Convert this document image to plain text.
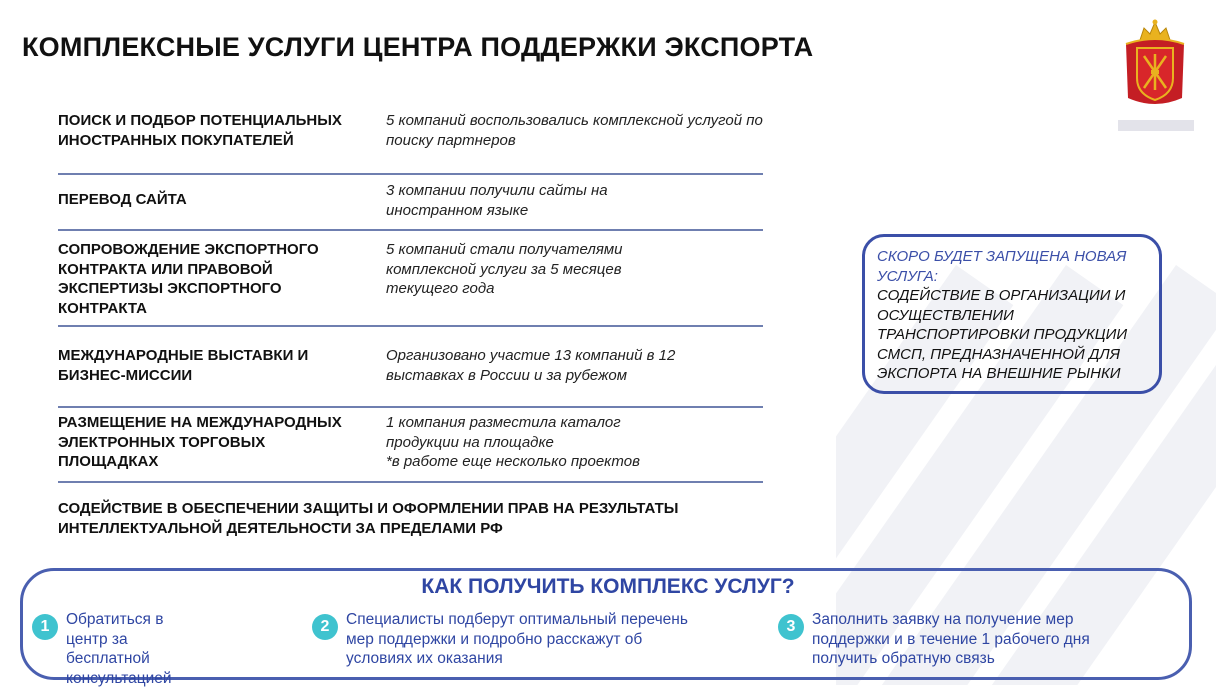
КОМПЛЕКСНЫЕ УСЛУГИ ЦЕНТРА ПОДДЕРЖКИ ЭКСПОРТА
ПОИСК И ПОДБОР ПОТЕНЦИАЛЬНЫХ ИНОСТРАННЫХ ПОКУПАТЕЛЕЙ
5 компаний воспользовались комплексной услугой по поиску партнеров
ПЕРЕВОД САЙТА
3 компании получили сайты на иностранном языке
СОПРОВОЖДЕНИЕ ЭКСПОРТНОГО КОНТРАКТА ИЛИ ПРАВОВОЙ ЭКСПЕРТИЗЫ ЭКСПОРТНОГО КОНТРАКТА
5 компаний стали получателями комплексной услуги за 5 месяцев текущего года
МЕЖДУНАРОДНЫЕ ВЫСТАВКИ И БИЗНЕС-МИССИИ
Организовано участие 13 компаний в 12 выставках в России и за рубежом
РАЗМЕЩЕНИЕ НА МЕЖДУНАРОДНЫХ ЭЛЕКТРОННЫХ ТОРГОВЫХ ПЛОЩАДКАХ
1 компания разместила каталог продукции на площадке
*в работе еще несколько проектов
СОДЕЙСТВИЕ В ОБЕСПЕЧЕНИИ ЗАЩИТЫ И ОФОРМЛЕНИИ ПРАВ НА РЕЗУЛЬТАТЫ ИНТЕЛЛЕКТУАЛЬНОЙ ДЕЯТЕЛЬНОСТИ ЗА ПРЕДЕЛАМИ РФ
СКОРО БУДЕТ ЗАПУЩЕНА НОВАЯ УСЛУГА:
СОДЕЙСТВИЕ В ОРГАНИЗАЦИИ И ОСУЩЕСТВЛЕНИИ ТРАНСПОРТИРОВКИ ПРОДУКЦИИ СМСП, ПРЕДНАЗНАЧЕННОЙ ДЛЯ ЭКСПОРТА НА ВНЕШНИЕ РЫНКИ
КАК ПОЛУЧИТЬ КОМПЛЕКС УСЛУГ?
1	Обратиться в центр за
бесплатной консультацией
2	Специалисты подберут оптимальный перечень
мер поддержки и подробно расскажут об
условиях их оказания
3	Заполнить заявку на получение мер
поддержки и в течение 1 рабочего дня
получить обратную связь
